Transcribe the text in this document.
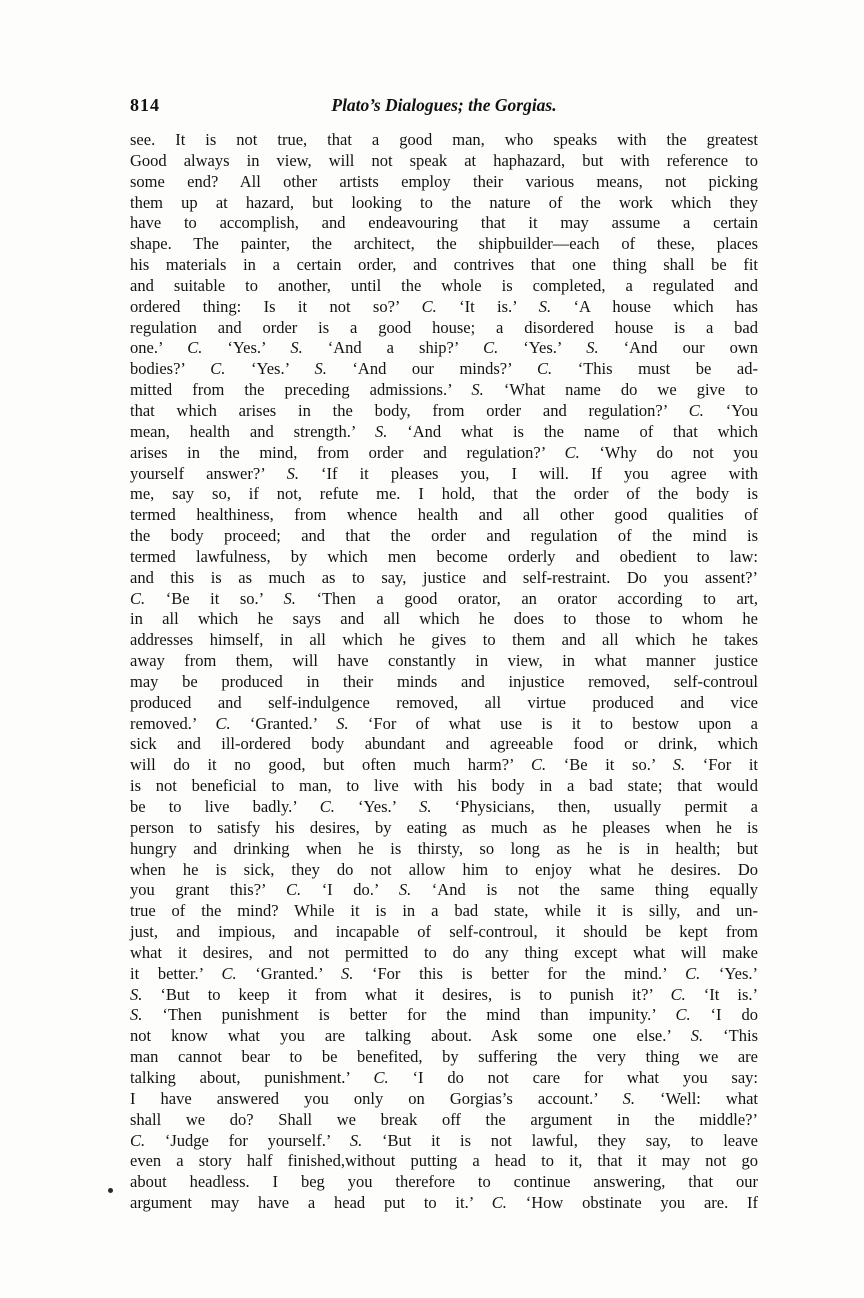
814	Plato’s Dialogues; the Gorgias.
see. It is not true, that a good man, who speaks with the greatest
Good always in view, will not speak at haphazard, but with reference to
some end? All other artists employ their various means, not picking
them up at hazard, but looking to the nature of the work which they
have to accomplish, and endeavouring that it may assume a certain
shape. The painter, the architect, the shipbuilder—each of these, places
his materials in a certain order, and contrives that one thing shall be fit
and suitable to another, until the whole is completed, a regulated and
ordered thing: Is it not so?’ C. ‘It is.’ S. ‘A house which has
regulation and order is a good house; a disordered house is a bad
one.’ C. ‘Yes.’ S. ‘And a ship?’ C. ‘Yes.’ S. ‘And our own
bodies?’ C. ‘Yes.’ S. ‘And our minds?’ C. ‘This must be ad-
mitted from the preceding admissions.’ S. ‘What name do we give to
that which arises in the body, from order and regulation?’ C. ‘You
mean, health and strength.’ S. ‘And what is the name of that which
arises in the mind, from order and regulation?’ C. ‘Why do not you
yourself answer?’ S. ‘If it pleases you, I will. If you agree with
me, say so, if not, refute me. I hold, that the order of the body is
termed healthiness, from whence health and all other good qualities of
the body proceed; and that the order and regulation of the mind is
termed lawfulness, by which men become orderly and obedient to law:
and this is as much as to say, justice and self-restraint. Do you assent?’
C. ‘Be it so.’ S. ‘Then a good orator, an orator according to art,
in all which he says and all which he does to those to whom he
addresses himself, in all which he gives to them and all which he takes
away from them, will have constantly in view, in what manner justice
may be produced in their minds and injustice removed, self-controul
produced and self-indulgence removed, all virtue produced and vice
removed.’ C. ‘Granted.’ S. ‘For of what use is it to bestow upon a
sick and ill-ordered body abundant and agreeable food or drink, which
will do it no good, but often much harm?’ C. ‘Be it so.’ S. ‘For it
is not beneficial to man, to live with his body in a bad state; that would
be to live badly.’ C. ‘Yes.’ S. ‘Physicians, then, usually permit a
person to satisfy his desires, by eating as much as he pleases when he is
hungry and drinking when he is thirsty, so long as he is in health; but
when he is sick, they do not allow him to enjoy what he desires. Do
you grant this?’ C. ‘I do.’ S. ‘And is not the same thing equally
true of the mind? While it is in a bad state, while it is silly, and un-
just, and impious, and incapable of self-controul, it should be kept from
what it desires, and not permitted to do any thing except what will make
it better.’ C. ‘Granted.’ S. ‘For this is better for the mind.’ C. ‘Yes.’
S. ‘But to keep it from what it desires, is to punish it?’ C. ‘It is.’
S. ‘Then punishment is better for the mind than impunity.’ C. ‘I do
not know what you are talking about. Ask some one else.’ S. ‘This
man cannot bear to be benefited, by suffering the very thing we are
talking about, punishment.’ C. ‘I do not care for what you say:
I have answered you only on Gorgias’s account.’ S. ‘Well: what
shall we do? Shall we break off the argument in the middle?’
C. ‘Judge for yourself.’ S. ‘But it is not lawful, they say, to leave
even a story half finished,without putting a head to it, that it may not go
about headless. I beg you therefore to continue answering, that our
argument may have a head put to it.’ C. ‘How obstinate you are. If
